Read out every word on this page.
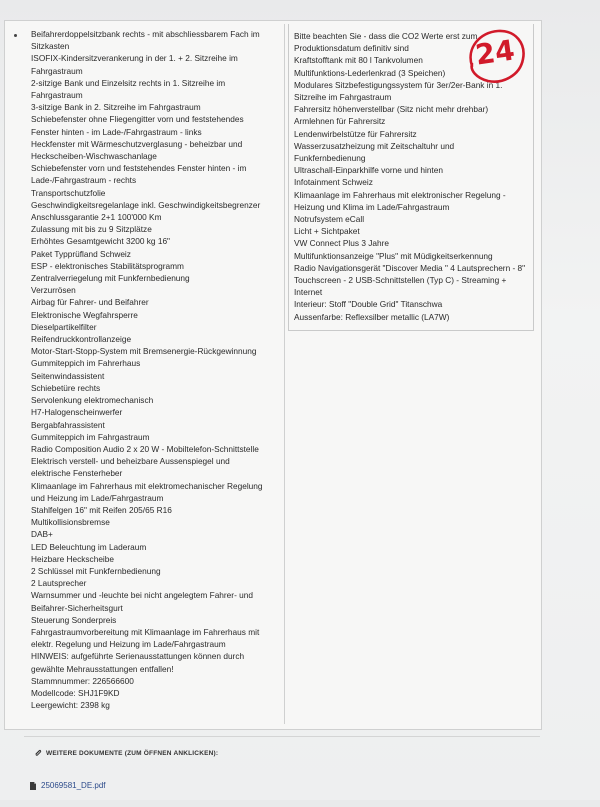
Beifahrerdoppelsitzbank rechts - mit abschliessbarem Fach im
Sitzkasten
ISOFIX-Kindersitzverankerung in der 1. + 2. Sitzreihe im
Fahrgastraum
2-sitzige Bank und Einzelsitz rechts in 1. Sitzreihe im
Fahrgastraum
3-sitzige Bank in 2. Sitzreihe im Fahrgastraum
Schiebefenster ohne Fliegengitter vorn und feststehendes
Fenster hinten - im Lade-/Fahrgastraum - links
Heckfenster mit Wärmeschutzverglasung - beheizbar und
Heckscheiben-Wischwaschanlage
Schiebefenster vorn und feststehendes Fenster hinten - im
Lade-/Fahrgastraum - rechts
Transportschutzfolie
Geschwindigkeitsregelanlage inkl. Geschwindigkeitsbegrenzer
Anschlussgarantie 2+1 100'000 Km
Zulassung mit bis zu 9 Sitzplätze
Erhöhtes Gesamtgewicht 3200 kg 16"
Paket Typprüfland Schweiz
ESP - elektronisches Stabilitätsprogramm
Zentralverriegelung mit Funkfernbedienung
Verzurrösen
Airbag für Fahrer- und Beifahrer
Elektronische Wegfahrsperre
Dieselpartikelfilter
Reifendruckkontrollanzeige
Motor-Start-Stopp-System mit Bremsenergie-Rückgewinnung
Gummiteppich im Fahrerhaus
Seitenwindassistent
Schiebetüre rechts
Servolenkung elektromechanisch
H7-Halogenscheinwerfer
Bergabfahrassistent
Gummiteppich im Fahrgastraum
Radio Composition Audio 2 x 20 W - Mobiltelefon-Schnittstelle
Elektrisch verstell- und beheizbare Aussenspiegel und
elektrische Fensterheber
Klimaanlage im Fahrerhaus mit elektromechanischer Regelung
und Heizung im Lade/Fahrgastraum
Stahlfelgen 16" mit Reifen 205/65 R16
Multikollisionsbremse
DAB+
LED Beleuchtung im Laderaum
Heizbare Heckscheibe
2 Schlüssel mit Funkfernbedienung
2 Lautsprecher
Warnsummer und -leuchte bei nicht angelegtem Fahrer- und
Beifahrer-Sicherheitsgurt
Steuerung Sonderpreis
Fahrgastraumvorbereitung mit Klimaanlage im Fahrerhaus mit
elektr. Regelung und Heizung im Lade/Fahrgastraum
HINWEIS: aufgeführte Serienausstattungen können durch
gewählte Mehrausstattungen entfallen!
Stammnummer: 226566600
Modellcode: SHJ1F9KD
Leergewicht: 2398 kg
Bitte beachten Sie - dass die CO2 Werte erst zum
Produktionsdatum definitiv sind
Kraftstofftank mit 80 l Tankvolumen
Multifunktions-Lederlenkrad (3 Speichen)
Modulares Sitzbefestigungssystem für 3er/2er-Bank in 1.
Sitzreihe im Fahrgastraum
Fahrersitz höhenverstellbar (Sitz nicht mehr drehbar)
Armlehnen für Fahrersitz
Lendenwirbelstütze für Fahrersitz
Wasserzusatzheizung mit Zeitschaltuhr und
Funkfernbedienung
Ultraschall-Einparkhilfe vorne und hinten
Infotainment Schweiz
Klimaanlage im Fahrerhaus mit elektronischer Regelung -
Heizung und Klima im Lade/Fahrgastraum
Notrufsystem eCall
Licht + Sichtpaket
VW Connect Plus 3 Jahre
Multifunktionsanzeige "Plus" mit Müdigkeitserkennung
Radio Navigationsgerät "Discover Media " 4 Lautsprechern - 8"
Touchscreen - 2 USB-Schnittstellen (Typ C) - Streaming +
Internet
Interieur: Stoff "Double Grid" Titanschwa
Aussenfarbe: Reflexsilber metallic (LA7W)
24
WEITERE DOKUMENTE (ZUM ÖFFNEN ANKLICKEN):
25069581_DE.pdf
